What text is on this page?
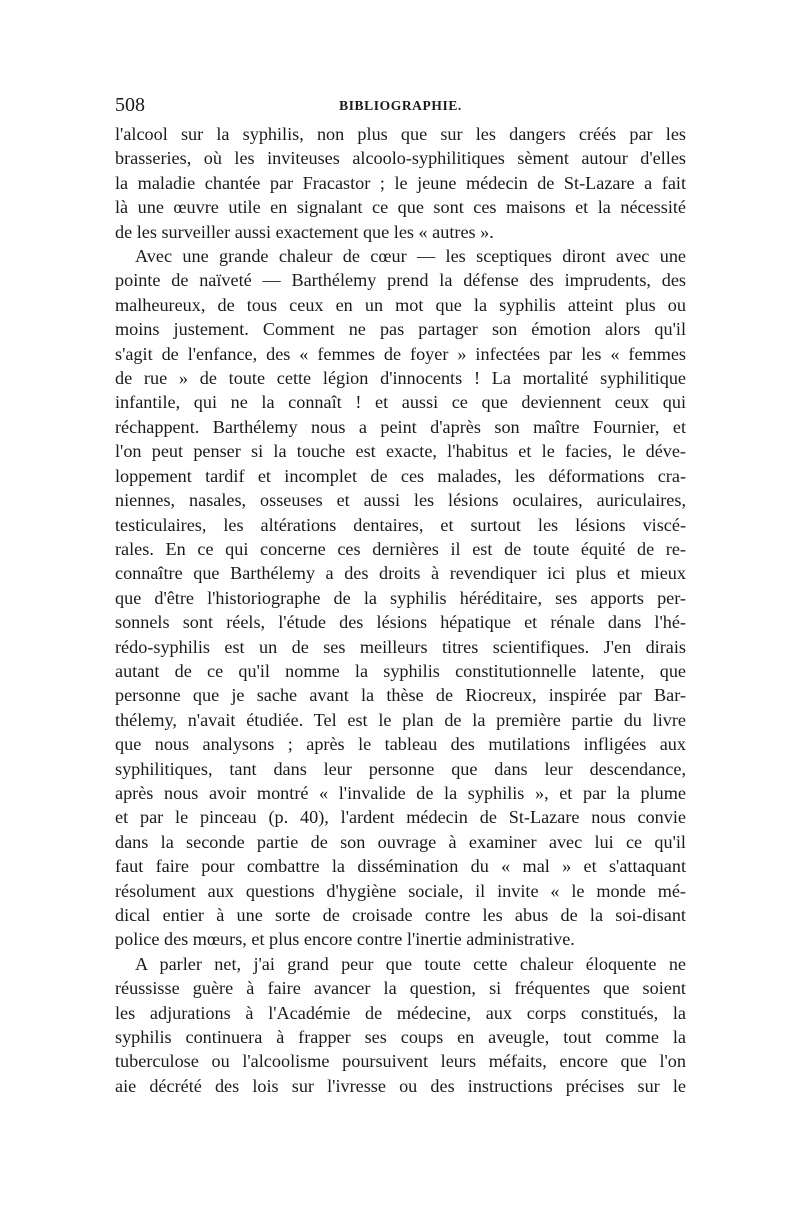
508	BIBLIOGRAPHIE.
l'alcool sur la syphilis, non plus que sur les dangers créés par les
brasseries, où les inviteuses alcoolo-syphilitiques sèment autour d'elles
la maladie chantée par Fracastor ; le jeune médecin de St-Lazare a fait
là une œuvre utile en signalant ce que sont ces maisons et la nécessité
de les surveiller aussi exactement que les « autres ».
Avec une grande chaleur de cœur — les sceptiques diront avec une
pointe de naïveté — Barthélemy prend la défense des imprudents, des
malheureux, de tous ceux en un mot que la syphilis atteint plus ou
moins justement. Comment ne pas partager son émotion alors qu'il
s'agit de l'enfance, des « femmes de foyer » infectées par les « femmes
de rue » de toute cette légion d'innocents ! La mortalité syphilitique
infantile, qui ne la connaît ! et aussi ce que deviennent ceux qui
réchappent. Barthélemy nous a peint d'après son maître Fournier, et
l'on peut penser si la touche est exacte, l'habitus et le facies, le déve-
loppement tardif et incomplet de ces malades, les déformations cra-
niennes, nasales, osseuses et aussi les lésions oculaires, auriculaires,
testiculaires, les altérations dentaires, et surtout les lésions viscé-
rales. En ce qui concerne ces dernières il est de toute équité de re-
connaître que Barthélemy a des droits à revendiquer ici plus et mieux
que d'être l'historiographe de la syphilis héréditaire, ses apports per-
sonnels sont réels, l'étude des lésions hépatique et rénale dans l'hé-
rédo-syphilis est un de ses meilleurs titres scientifiques. J'en dirais
autant de ce qu'il nomme la syphilis constitutionnelle latente, que
personne que je sache avant la thèse de Riocreux, inspirée par Bar-
thélemy, n'avait étudiée. Tel est le plan de la première partie du livre
que nous analysons ; après le tableau des mutilations infligées aux
syphilitiques, tant dans leur personne que dans leur descendance,
après nous avoir montré « l'invalide de la syphilis », et par la plume
et par le pinceau (p. 40), l'ardent médecin de St-Lazare nous convie
dans la seconde partie de son ouvrage à examiner avec lui ce qu'il
faut faire pour combattre la dissémination du « mal » et s'attaquant
résolument aux questions d'hygiène sociale, il invite « le monde mé-
dical entier à une sorte de croisade contre les abus de la soi-disant
police des mœurs, et plus encore contre l'inertie administrative.
A parler net, j'ai grand peur que toute cette chaleur éloquente ne
réussisse guère à faire avancer la question, si fréquentes que soient
les adjurations à l'Académie de médecine, aux corps constitués, la
syphilis continuera à frapper ses coups en aveugle, tout comme la
tuberculose ou l'alcoolisme poursuivent leurs méfaits, encore que l'on
aie décrété des lois sur l'ivresse ou des instructions précises sur le
